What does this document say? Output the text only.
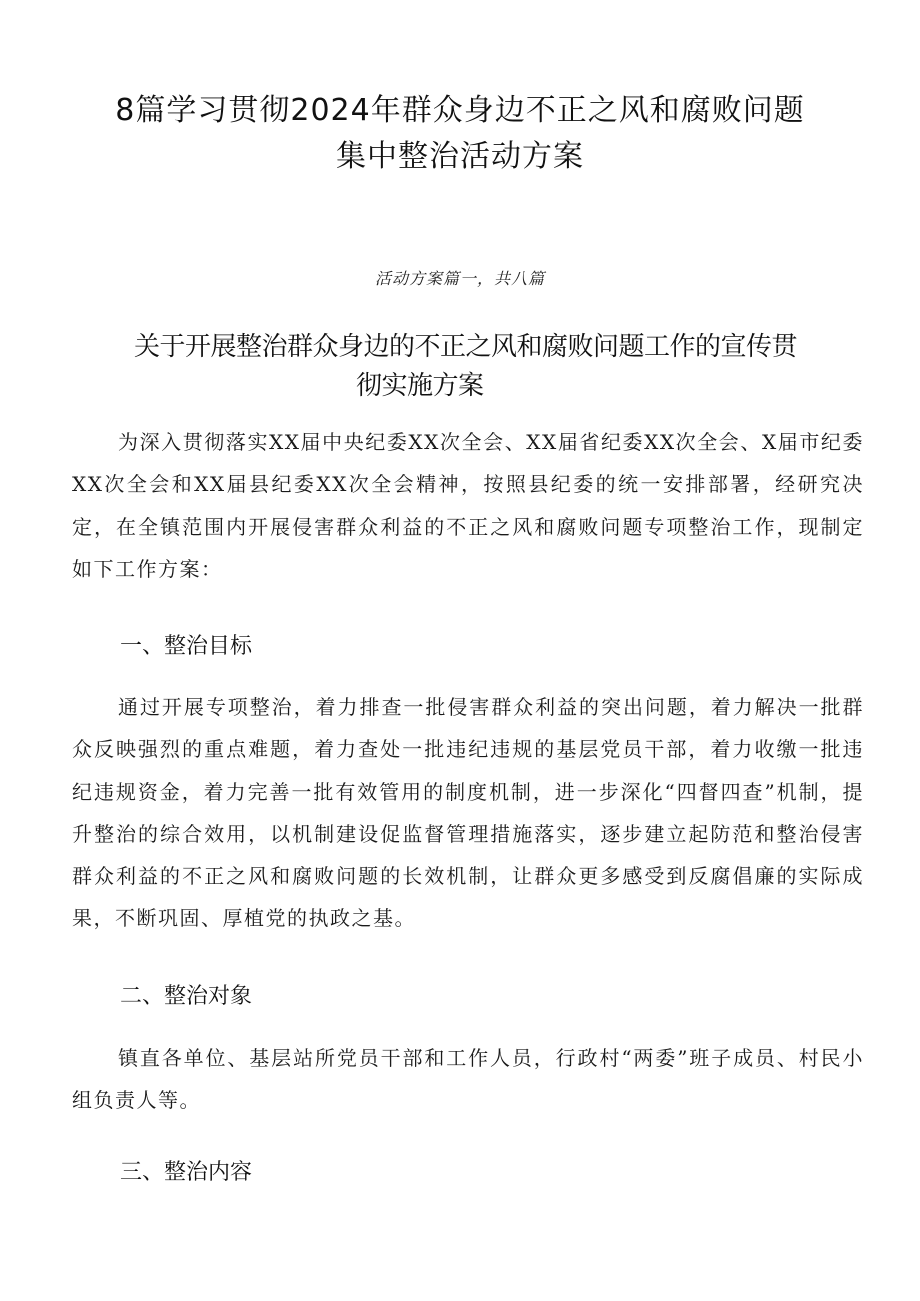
8篇学习贯彻2024年群众身边不正之风和腐败问题
集中整治活动方案
活动方案篇一，共八篇
关于开展整治群众身边的不正之风和腐败问题工作的宣传贯
彻实施方案

为深入贯彻落实XX届中央纪委XX次全会、XX届省纪委XX次全会、X届市纪委XX次全会和XX届县纪委XX次全会精神，按照县纪委的统一安排部署，经研究决定，在全镇范围内开展侵害群众利益的不正之风和腐败问题专项整治工作，现制定如下工作方案：

一、整治目标

通过开展专项整治，着力排查一批侵害群众利益的突出问题，着力解决一批群众反映强烈的重点难题，着力查处一批违纪违规的基层党员干部，着力收缴一批违纪违规资金，着力完善一批有效管用的制度机制，进一步深化“四督四查”机制，提升整治的综合效用，以机制建设促监督管理措施落实，逐步建立起防范和整治侵害群众利益的不正之风和腐败问题的长效机制，让群众更多感受到反腐倡廉的实际成果，不断巩固、厚植党的执政之基。

二、整治对象

镇直各单位、基层站所党员干部和工作人员，行政村“两委”班子成员、村民小组负责人等。

三、整治内容
